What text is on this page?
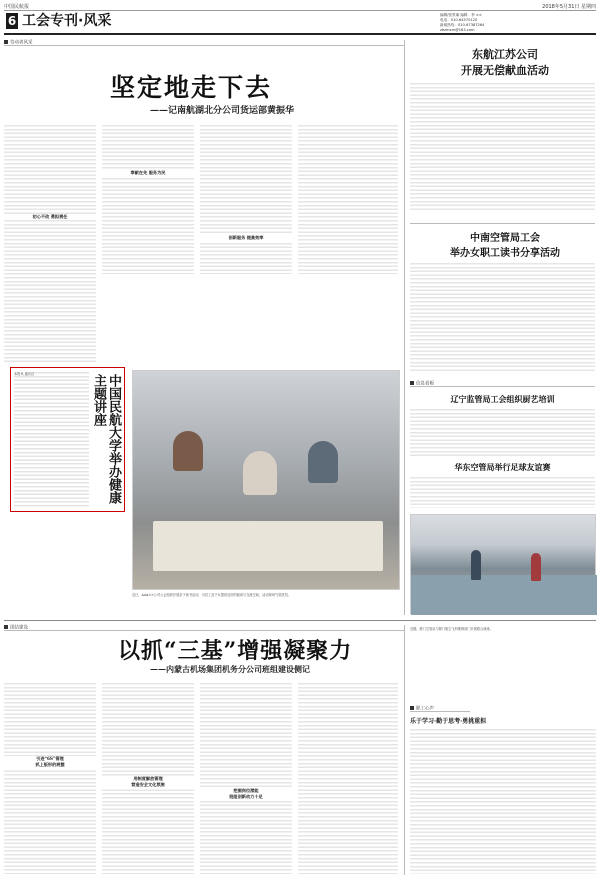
中国民航报	2018年5月31日 星期四
6 工会专刊·风采	编辑/张景瑜 编辑：李 ××
电话：010-64570120
新闻热线：010-67387264
zbzmxm@163.com
劳动者风采
坚定地走下去
——记南航湖北分公司货运部黄振华
初心不改 勇担责任
奉献在先 服务为民
创新服务 提高效率
本报讯 通讯员	中国民航大学举办健康主题讲座
近日，Asia××公司公会组织开展亲子读书活动，为员工及子女提供良好的阅读与交流空间，活动现场气氛热烈。
东航江苏公司
开展无偿献血活动
中南空管局工会
举办女职工读书分享活动
信息看板
辽宁监管局工会组织厨艺培训
华东空管局举行足球友谊赛
团结建设
以抓“三基”增强凝聚力
——内蒙古机场集团机务分公司班组建设侧记
引进“6S”管理
抓上版形的规整
用制度解放管理
营造安全文化氛围
挖掘岗位潜能
班组创新动力十足
近期，厦门空管站与厦门航空飞机维修部门开展联合演练。
职工心声
乐于学习·勤于思考·勇挑重担
